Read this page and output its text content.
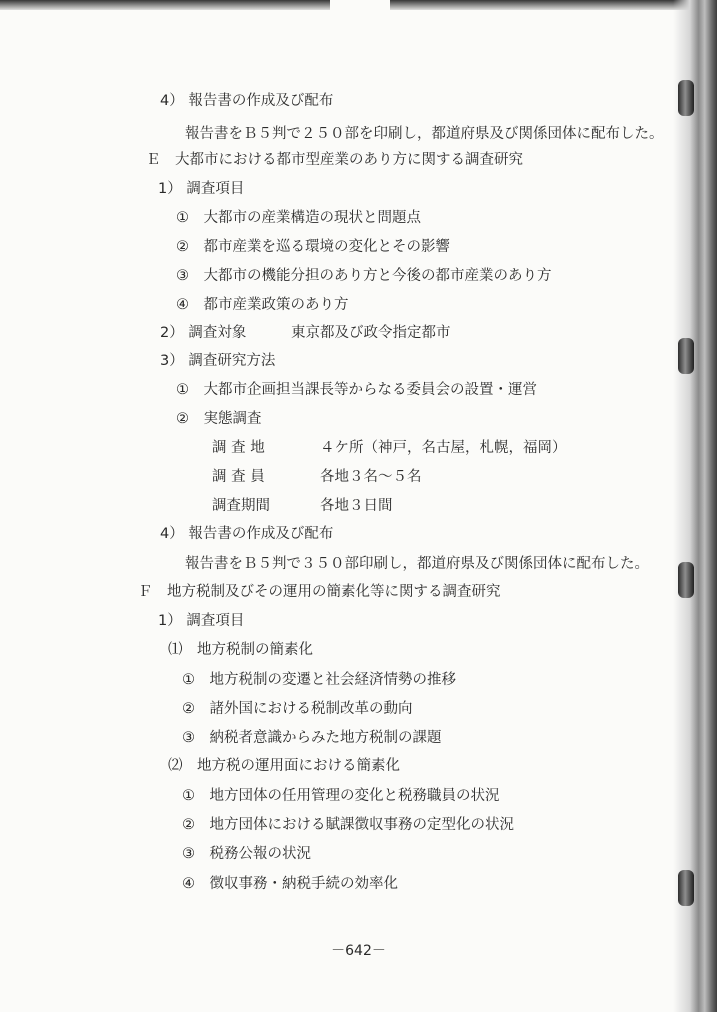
4） 報告書の作成及び配布
報告書をＢ５判で２５０部を印刷し，都道府県及び関係団体に配布した。
Ｅ　大都市における都市型産業のあり方に関する調査研究
1） 調査項目
①　大都市の産業構造の現状と問題点
②　都市産業を巡る環境の変化とその影響
③　大都市の機能分担のあり方と今後の都市産業のあり方
④　都市産業政策のあり方
2） 調査対象	東京都及び政令指定都市
3） 調査研究方法
①　大都市企画担当課長等からなる委員会の設置・運営
②　実態調査
調 査 地	４ケ所（神戸，名古屋，札幌，福岡）
調 査 員	各地３名～５名
調査期間	各地３日間
4） 報告書の作成及び配布
報告書をＢ５判で３５０部印刷し，都道府県及び関係団体に配布した。
Ｆ　地方税制及びその運用の簡素化等に関する調査研究
1） 調査項目
⑴　地方税制の簡素化
①　地方税制の変遷と社会経済情勢の推移
②　諸外国における税制改革の動向
③　納税者意識からみた地方税制の課題
⑵　地方税の運用面における簡素化
①　地方団体の任用管理の変化と税務職員の状況
②　地方団体における賦課徴収事務の定型化の状況
③　税務公報の状況
④　徴収事務・納税手続の効率化
－642－
